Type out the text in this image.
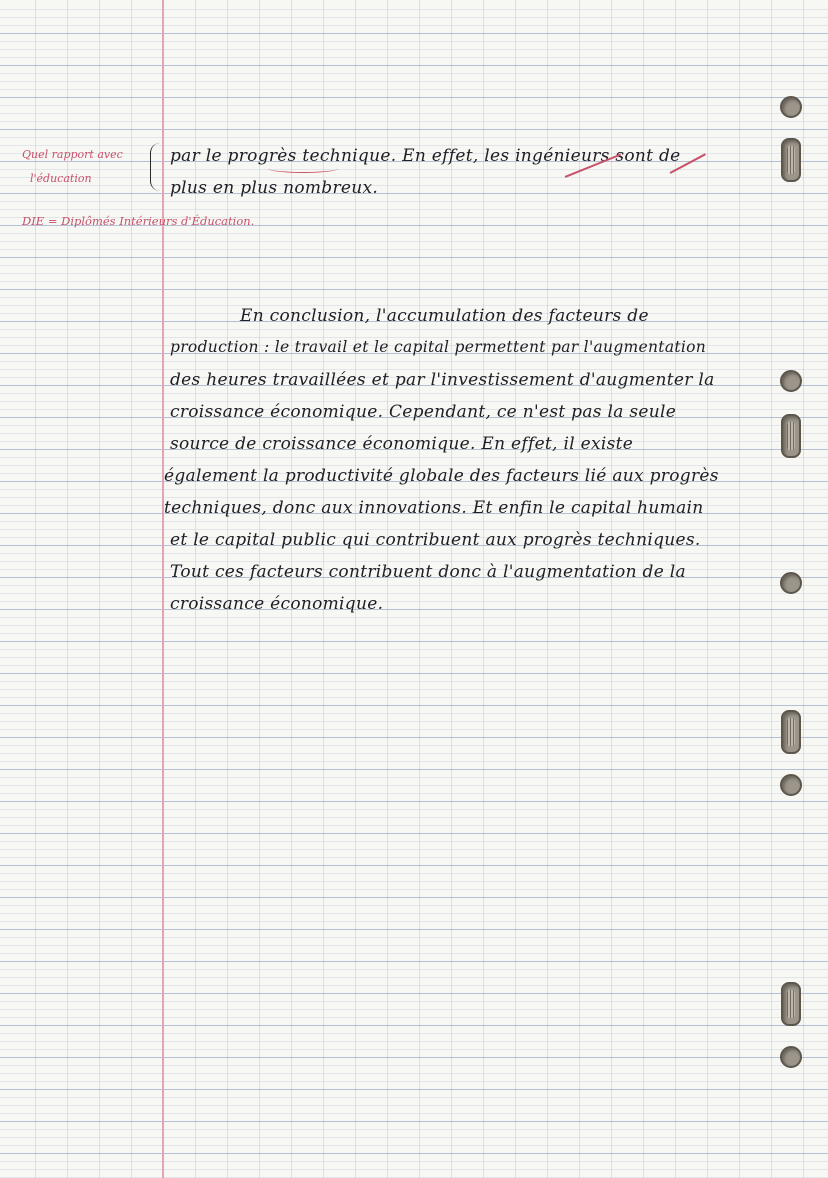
Quel rapport avec
l'éducation
DIE = Diplômés Intérieurs d'Éducation.
par le progrès technique. En effet, les ingénieurs sont de
plus en plus nombreux.
En conclusion, l'accumulation des facteurs de
production : le travail et le capital permettent par l'augmentation
des heures travaillées et par l'investissement d'augmenter la
croissance économique. Cependant, ce n'est pas la seule
source de croissance économique. En effet, il existe
également la productivité globale des facteurs lié aux progrès
techniques, donc aux innovations. Et enfin le capital humain
et le capital public qui contribuent aux progrès techniques.
Tout ces facteurs contribuent donc à l'augmentation de la
croissance économique.
